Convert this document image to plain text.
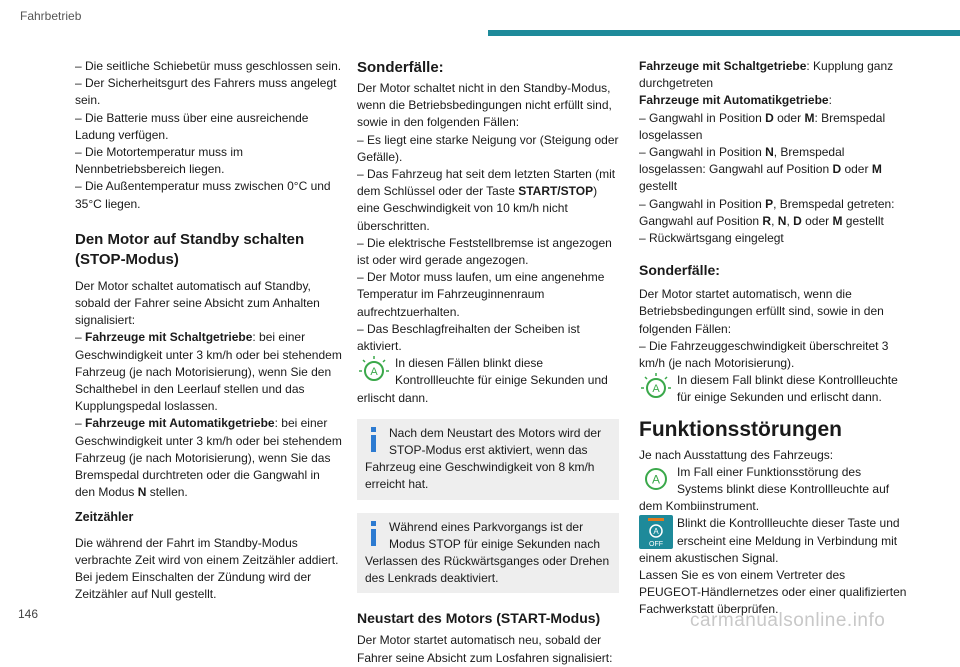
Fahrbetrieb

– Die seitliche Schiebetür muss geschlossen sein.

– Der Sicherheitsgurt des Fahrers muss angelegt sein.

– Die Batterie muss über eine ausreichende Ladung verfügen.

– Die Motortemperatur muss im Nennbetriebsbereich liegen.

– Die Außentemperatur muss zwischen 0°C und 35°C liegen.

Den Motor auf Standby schalten (STOP-Modus)

Der Motor schaltet automatisch auf Standby, sobald der Fahrer seine Absicht zum Anhalten signalisiert:

– Fahrzeuge mit Schaltgetriebe: bei einer Geschwindigkeit unter 3 km/h oder bei stehendem Fahrzeug (je nach Motorisierung), wenn Sie den Schalthebel in den Leerlauf stellen und das Kupplungspedal loslassen.

– Fahrzeuge mit Automatikgetriebe: bei einer Geschwindigkeit unter 3 km/h oder bei stehendem Fahrzeug (je nach Motorisierung), wenn Sie das Bremspedal durchtreten oder die Gangwahl in den Modus N stellen.

Zeitzähler

Die während der Fahrt im Standby-Modus verbrachte Zeit wird von einem Zeitzähler addiert. Bei jedem Einschalten der Zündung wird der Zeitzähler auf Null gestellt.

Sonderfälle:

Der Motor schaltet nicht in den Standby-Modus, wenn die Betriebsbedingungen nicht erfüllt sind, sowie in den folgenden Fällen:

– Es liegt eine starke Neigung vor (Steigung oder Gefälle).

– Das Fahrzeug hat seit dem letzten Starten (mit dem Schlüssel oder der Taste START/STOP) eine Geschwindigkeit von 10 km/h nicht überschritten.

– Die elektrische Feststellbremse ist angezogen ist oder wird gerade angezogen.

– Der Motor muss laufen, um eine angenehme Temperatur im Fahrzeuginnenraum aufrechtzuerhalten.

– Das Beschlagfreihalten der Scheiben ist aktiviert.

A

In diesen Fällen blinkt diese Kontrollleuchte für einige Sekunden und erlischt dann.

Nach dem Neustart des Motors wird der STOP-Modus erst aktiviert, wenn das Fahrzeug eine Geschwindigkeit von 8 km/h erreicht hat.

Während eines Parkvorgangs ist der Modus STOP für einige Sekunden nach Verlassen des Rückwärtsganges oder Drehen des Lenkrads deaktiviert.

Neustart des Motors (START-Modus)

Der Motor startet automatisch neu, sobald der Fahrer seine Absicht zum Losfahren signalisiert:

Fahrzeuge mit Schaltgetriebe: Kupplung ganz durchgetreten

Fahrzeuge mit Automatikgetriebe:

– Gangwahl in Position D oder M: Bremspedal losgelassen

– Gangwahl in Position N, Bremspedal losgelassen: Gangwahl auf Position D oder M gestellt

– Gangwahl in Position P, Bremspedal getreten: Gangwahl auf Position R, N, D oder M gestellt

– Rückwärtsgang eingelegt

Sonderfälle:

Der Motor startet automatisch, wenn die Betriebsbedingungen erfüllt sind, sowie in den folgenden Fällen:

– Die Fahrzeuggeschwindigkeit überschreitet 3 km/h (je nach Motorisierung).

A

In diesem Fall blinkt diese Kontrollleuchte für einige Sekunden und erlischt dann.

Funktionsstörungen

Je nach Ausstattung des Fahrzeugs:

A

Im Fall einer Funktionsstörung des Systems blinkt diese Kontrollleuchte auf dem Kombiinstrument.

A
OFF

Blinkt die Kontrollleuchte dieser Taste und erscheint eine Meldung in Verbindung mit einem akustischen Signal.

Lassen Sie es von einem Vertreter des PEUGEOT-Händlernetzes oder einer qualifizierten Fachwerkstatt überprüfen.

146	carmanualsonline.info
